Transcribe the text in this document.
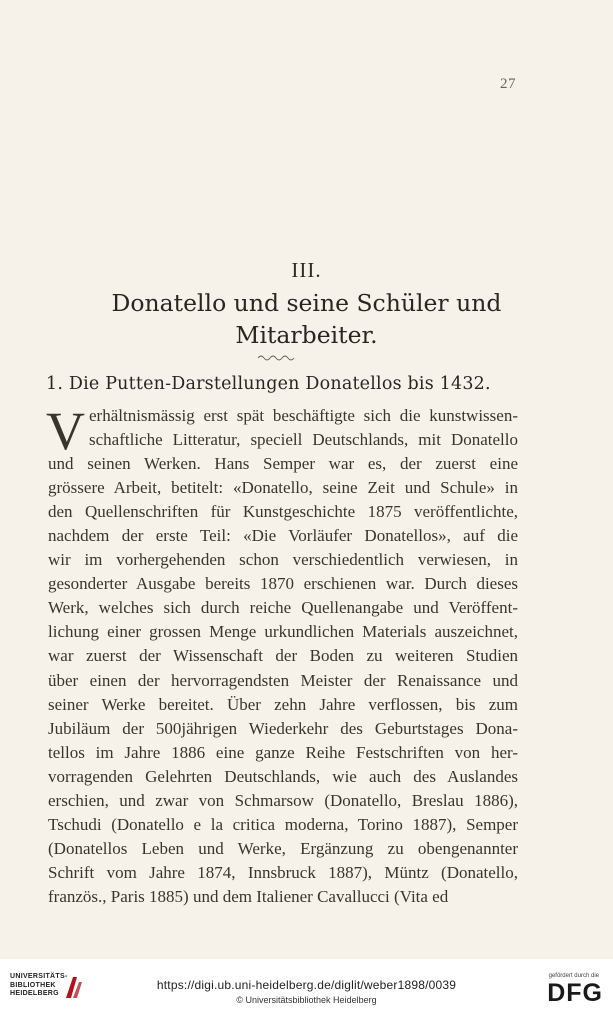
27
III.
Donatello und seine Schüler und
Mitarbeiter.
1. Die Putten-Darstellungen Donatellos bis 1432.
V erhältnismässig erst spät beschäftigte sich die kunstwissen-
schaftliche Litteratur, speciell Deutschlands, mit Donatello
und seinen Werken. Hans Semper war es, der zuerst eine
grössere Arbeit, betitelt: «Donatello, seine Zeit und Schule» in
den Quellenschriften für Kunstgeschichte 1875 veröffentlichte,
nachdem der erste Teil: «Die Vorläufer Donatellos», auf die
wir im vorhergehenden schon verschiedentlich verwiesen, in
gesonderter Ausgabe bereits 1870 erschienen war. Durch dieses
Werk, welches sich durch reiche Quellenangabe und Veröffent-
lichung einer grossen Menge urkundlichen Materials auszeichnet,
war zuerst der Wissenschaft der Boden zu weiteren Studien
über einen der hervorragendsten Meister der Renaissance und
seiner Werke bereitet. Über zehn Jahre verflossen, bis zum
Jubiläum der 500jährigen Wiederkehr des Geburtstages Dona-
tellos im Jahre 1886 eine ganze Reihe Festschriften von her-
vorragenden Gelehrten Deutschlands, wie auch des Auslandes
erschien, und zwar von Schmarsow (Donatello, Breslau 1886),
Tschudi (Donatello e la critica moderna, Torino 1887), Semper
(Donatellos Leben und Werke, Ergänzung zu obengenannter
Schrift vom Jahre 1874, Innsbruck 1887), Müntz (Donatello,
französ., Paris 1885) und dem Italiener Cavallucci (Vita ed
UNIVERSITÄTS-
BIBLIOTHEK
HEIDELBERG
https://digi.ub.uni-heidelberg.de/diglit/weber1898/0039
© Universitätsbibliothek Heidelberg
gefördert durch die
DFG
